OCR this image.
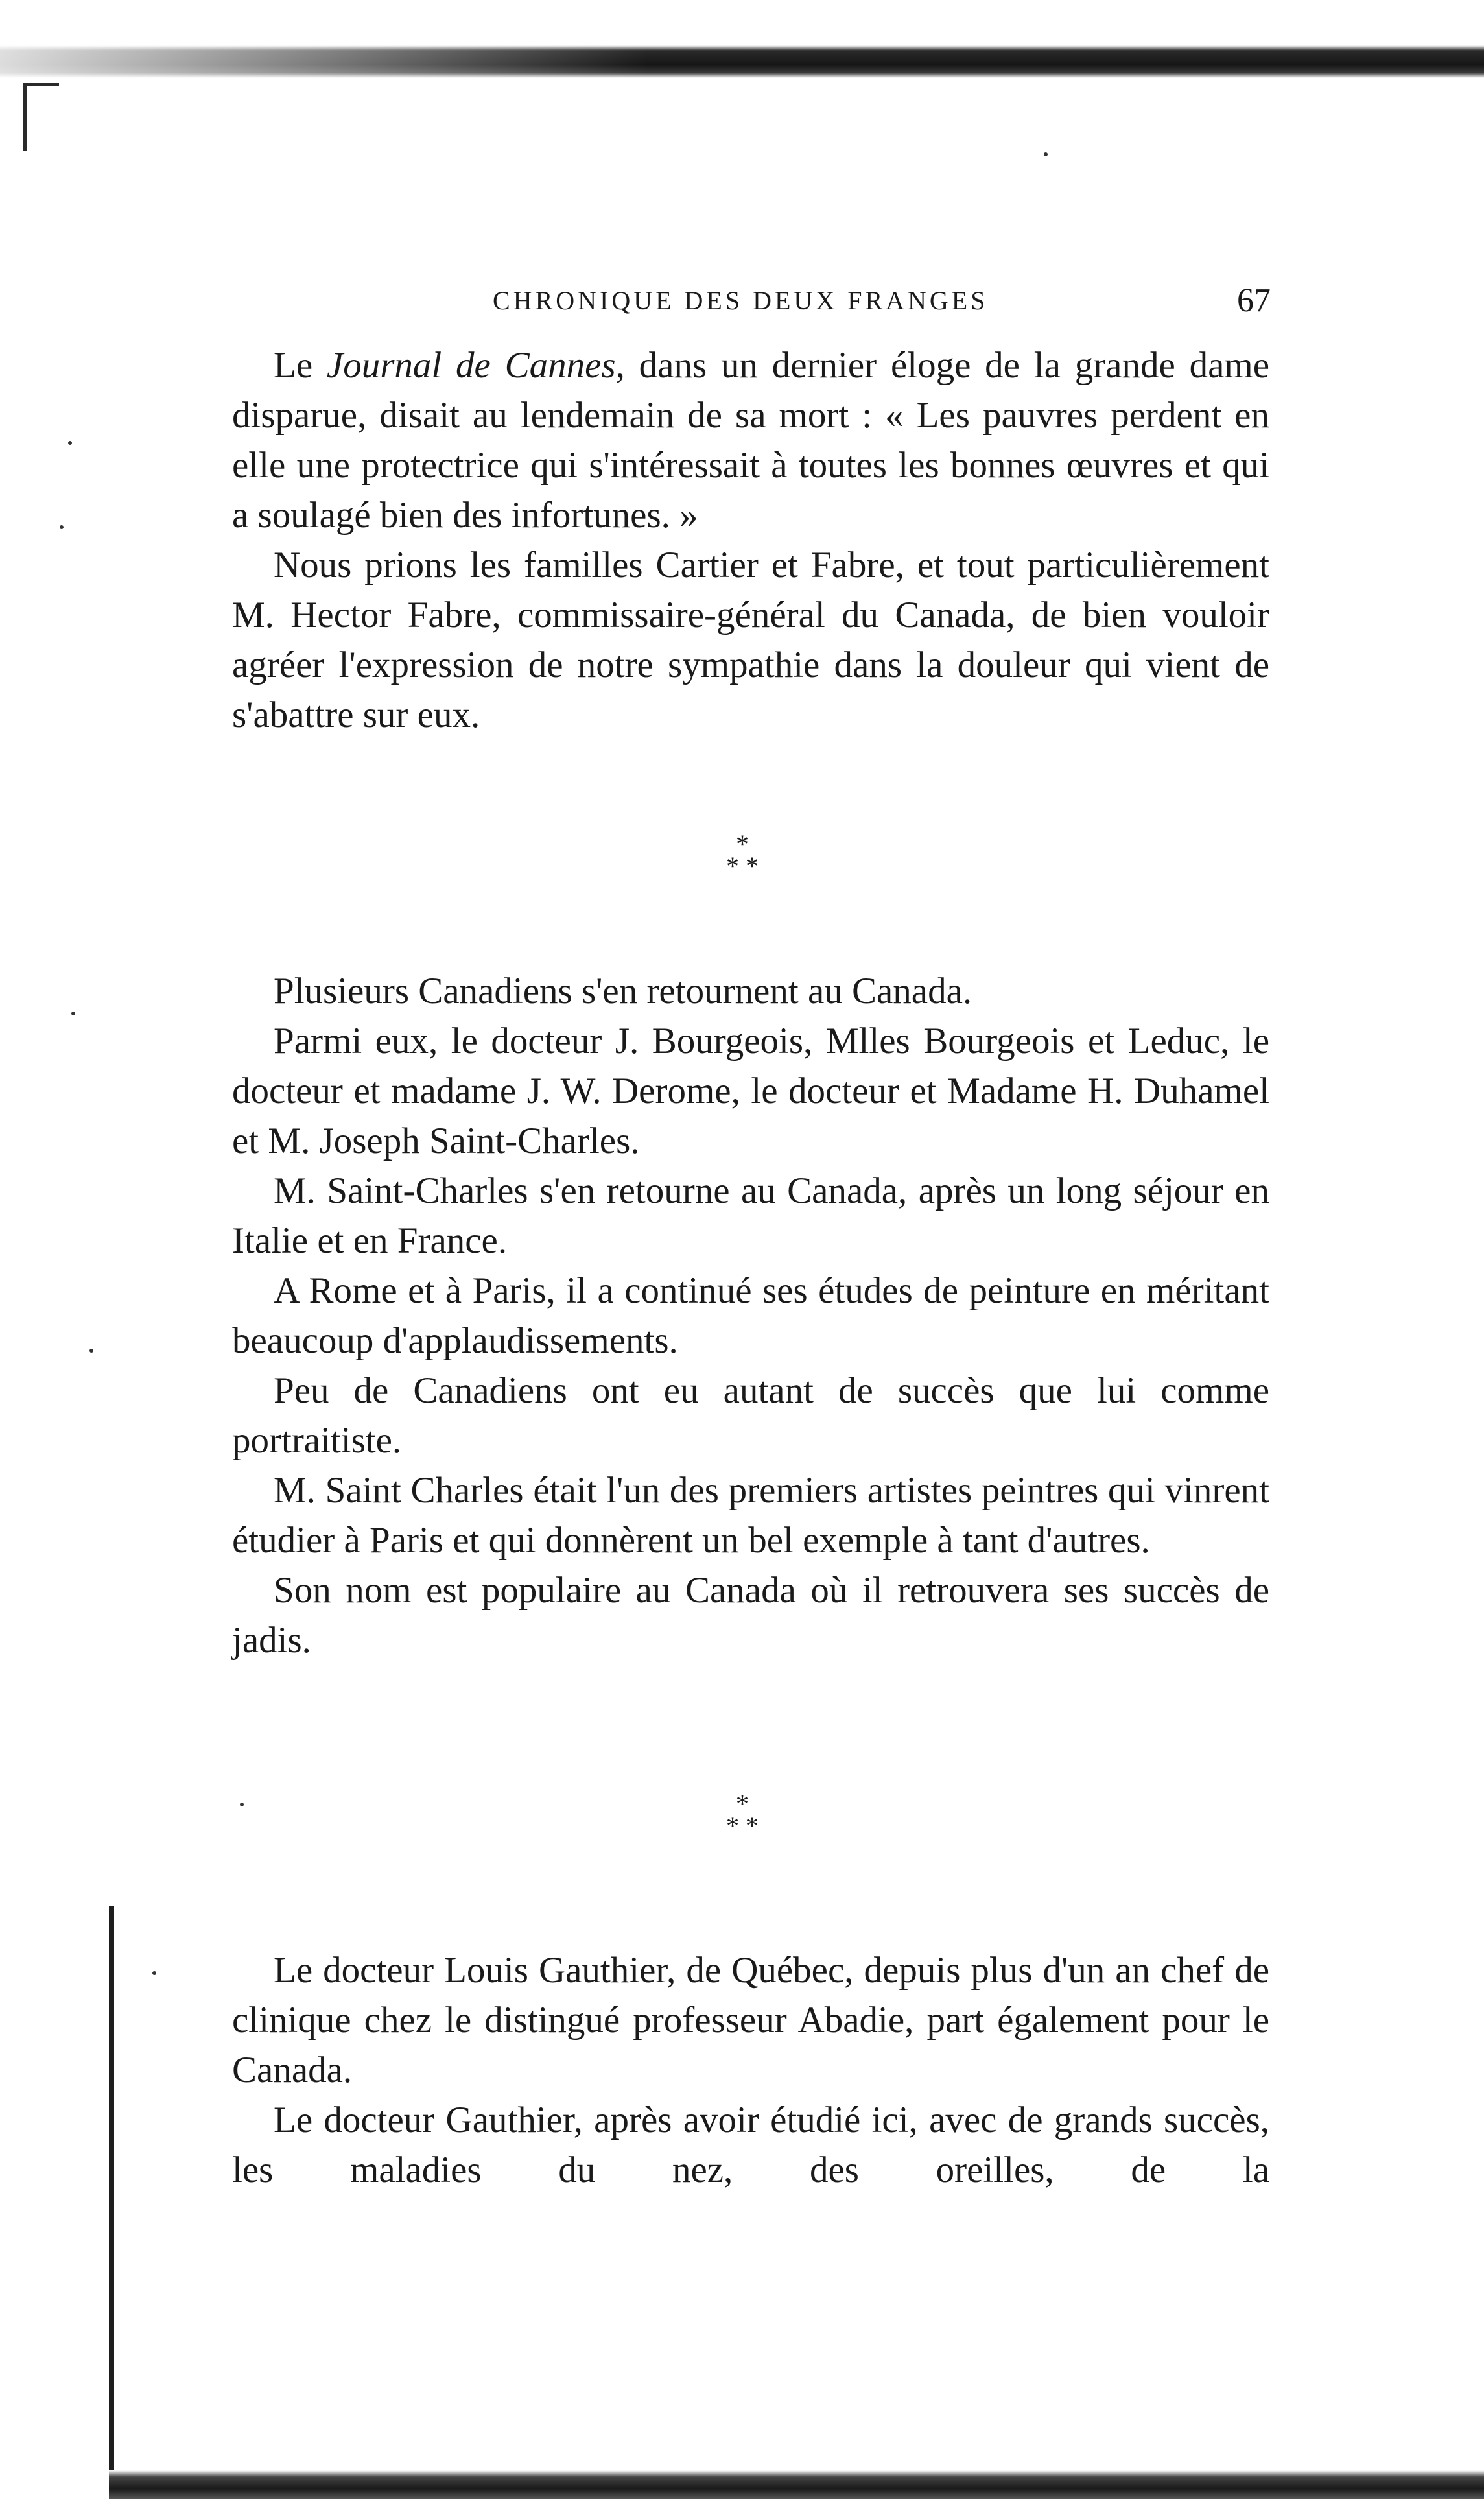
CHRONIQUE DES DEUX FRANGES	67

Le Journal de Cannes, dans un dernier éloge de la grande dame disparue, disait au lendemain de sa mort : « Les pauvres perdent en elle une protectrice qui s'intéressait à toutes les bonnes œuvres et qui a soulagé bien des infortunes. »

Nous prions les familles Cartier et Fabre, et tout particulièrement M. Hector Fabre, commissaire-général du Canada, de bien vouloir agréer l'expression de notre sympathie dans la douleur qui vient de s'abattre sur eux.

*
* *

Plusieurs Canadiens s'en retournent au Canada.

Parmi eux, le docteur J. Bourgeois, Mlles Bourgeois et Leduc, le docteur et madame J. W. Derome, le docteur et Madame H. Duhamel et M. Joseph Saint-Charles.

M. Saint-Charles s'en retourne au Canada, après un long séjour en Italie et en France.

A Rome et à Paris, il a continué ses études de peinture en méritant beaucoup d'applaudissements.

Peu de Canadiens ont eu autant de succès que lui comme portraitiste.

M. Saint Charles était l'un des premiers artistes peintres qui vinrent étudier à Paris et qui donnèrent un bel exemple à tant d'autres.

Son nom est populaire au Canada où il retrouvera ses succès de jadis.

*
* *

Le docteur Louis Gauthier, de Québec, depuis plus d'un an chef de clinique chez le distingué professeur Abadie, part également pour le Canada.

Le docteur Gauthier, après avoir étudié ici, avec de grands succès, les maladies du nez, des oreilles, de la
